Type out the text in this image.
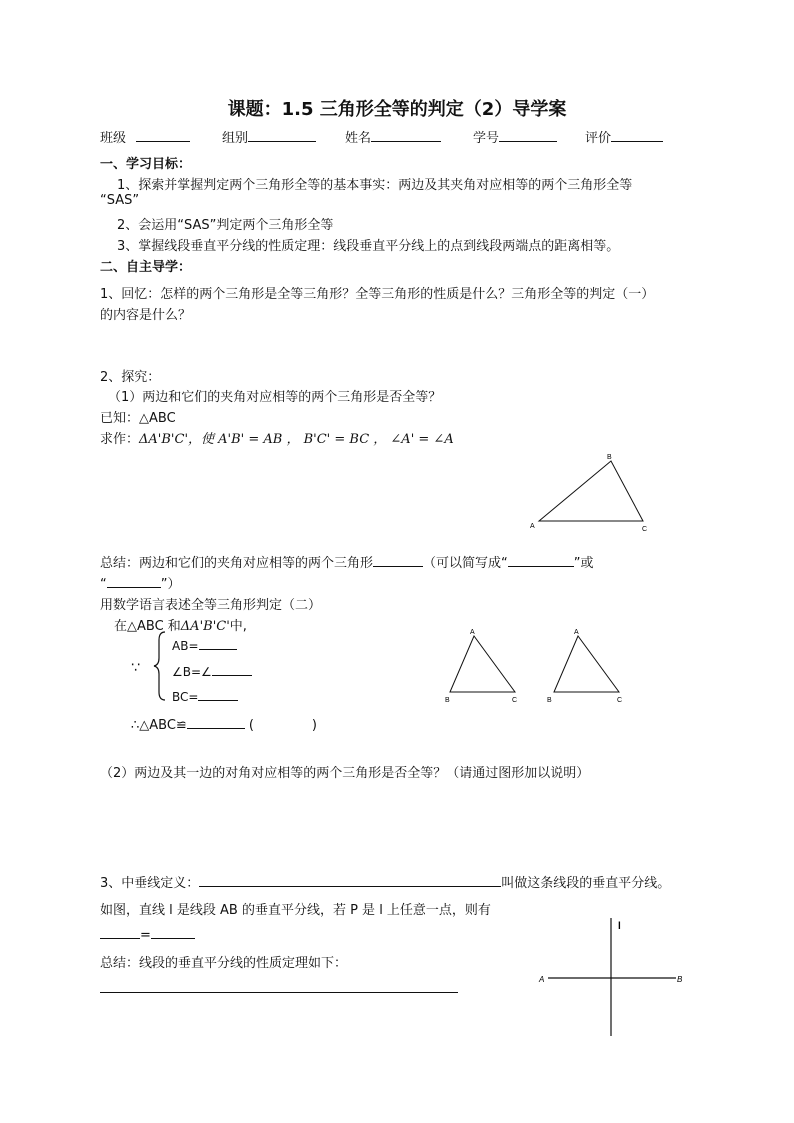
课题：1.5 三角形全等的判定（2）导学案
班级	组别	姓名	学号	评价
一、学习目标：
1、探索并掌握判定两个三角形全等的基本事实：两边及其夹角对应相等的两个三角形全等
“SAS”
2、会运用“SAS”判定两个三角形全等
3、掌握线段垂直平分线的性质定理：线段垂直平分线上的点到线段两端点的距离相等。
二、自主导学：
1、回忆：怎样的两个三角形是全等三角形？全等三角形的性质是什么？三角形全等的判定（一）
的内容是什么？
2、探究：
（1）两边和它们的夹角对应相等的两个三角形是否全等？
已知：△ABC
求作：ΔA'B'C'，使 A'B' = AB ， B'C' = BC ， ∠A' = ∠A
A
B
C
总结：两边和它们的夹角对应相等的两个三角形	（可以简写成“	”或
“	”）
用数学语言表述全等三角形判定（二）
在△ABC 和ΔA'B'C'中,
∵
AB=
∠B=∠
BC=
∴△ABC≌	(	)
A
B	C
A
B	C
（2）两边及其一边的对角对应相等的两个三角形是否全等？（请通过图形加以说明）
3、中垂线定义：	叫做这条线段的垂直平分线。
如图，直线 l 是线段 AB 的垂直平分线，若 P 是 l 上任意一点，则有
=
总结：线段的垂直平分线的性质定理如下：
l
A	B
